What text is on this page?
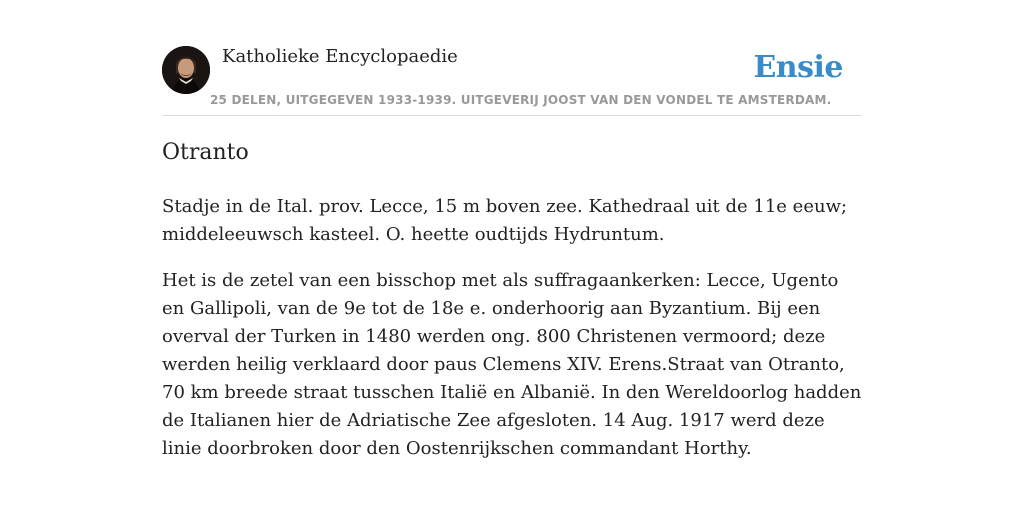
Katholieke Encyclopaedie
25 DELEN, UITGEGEVEN 1933-1939. UITGEVERIJ JOOST VAN DEN VONDEL TE AMSTERDAM.
Ensie
Otranto

Stadje in de Ital. prov. Lecce, 15 m boven zee. Kathedraal uit de 11e eeuw; middeleeuwsch kasteel. O. heette oudtijds Hydruntum.

Het is de zetel van een bisschop met als suffragaankerken: Lecce, Ugento en Gallipoli, van de 9e tot de 18e e. onderhoorig aan Byzantium. Bij een overval der Turken in 1480 werden ong. 800 Christenen vermoord; deze werden heilig verklaard door paus Clemens XIV. Erens.Straat van Otranto, 70 km breede straat tusschen Italië en Albanië. In den Wereldoorlog hadden de Italianen hier de Adriatische Zee afgesloten. 14 Aug. 1917 werd deze linie doorbroken door den Oostenrijkschen commandant Horthy.
